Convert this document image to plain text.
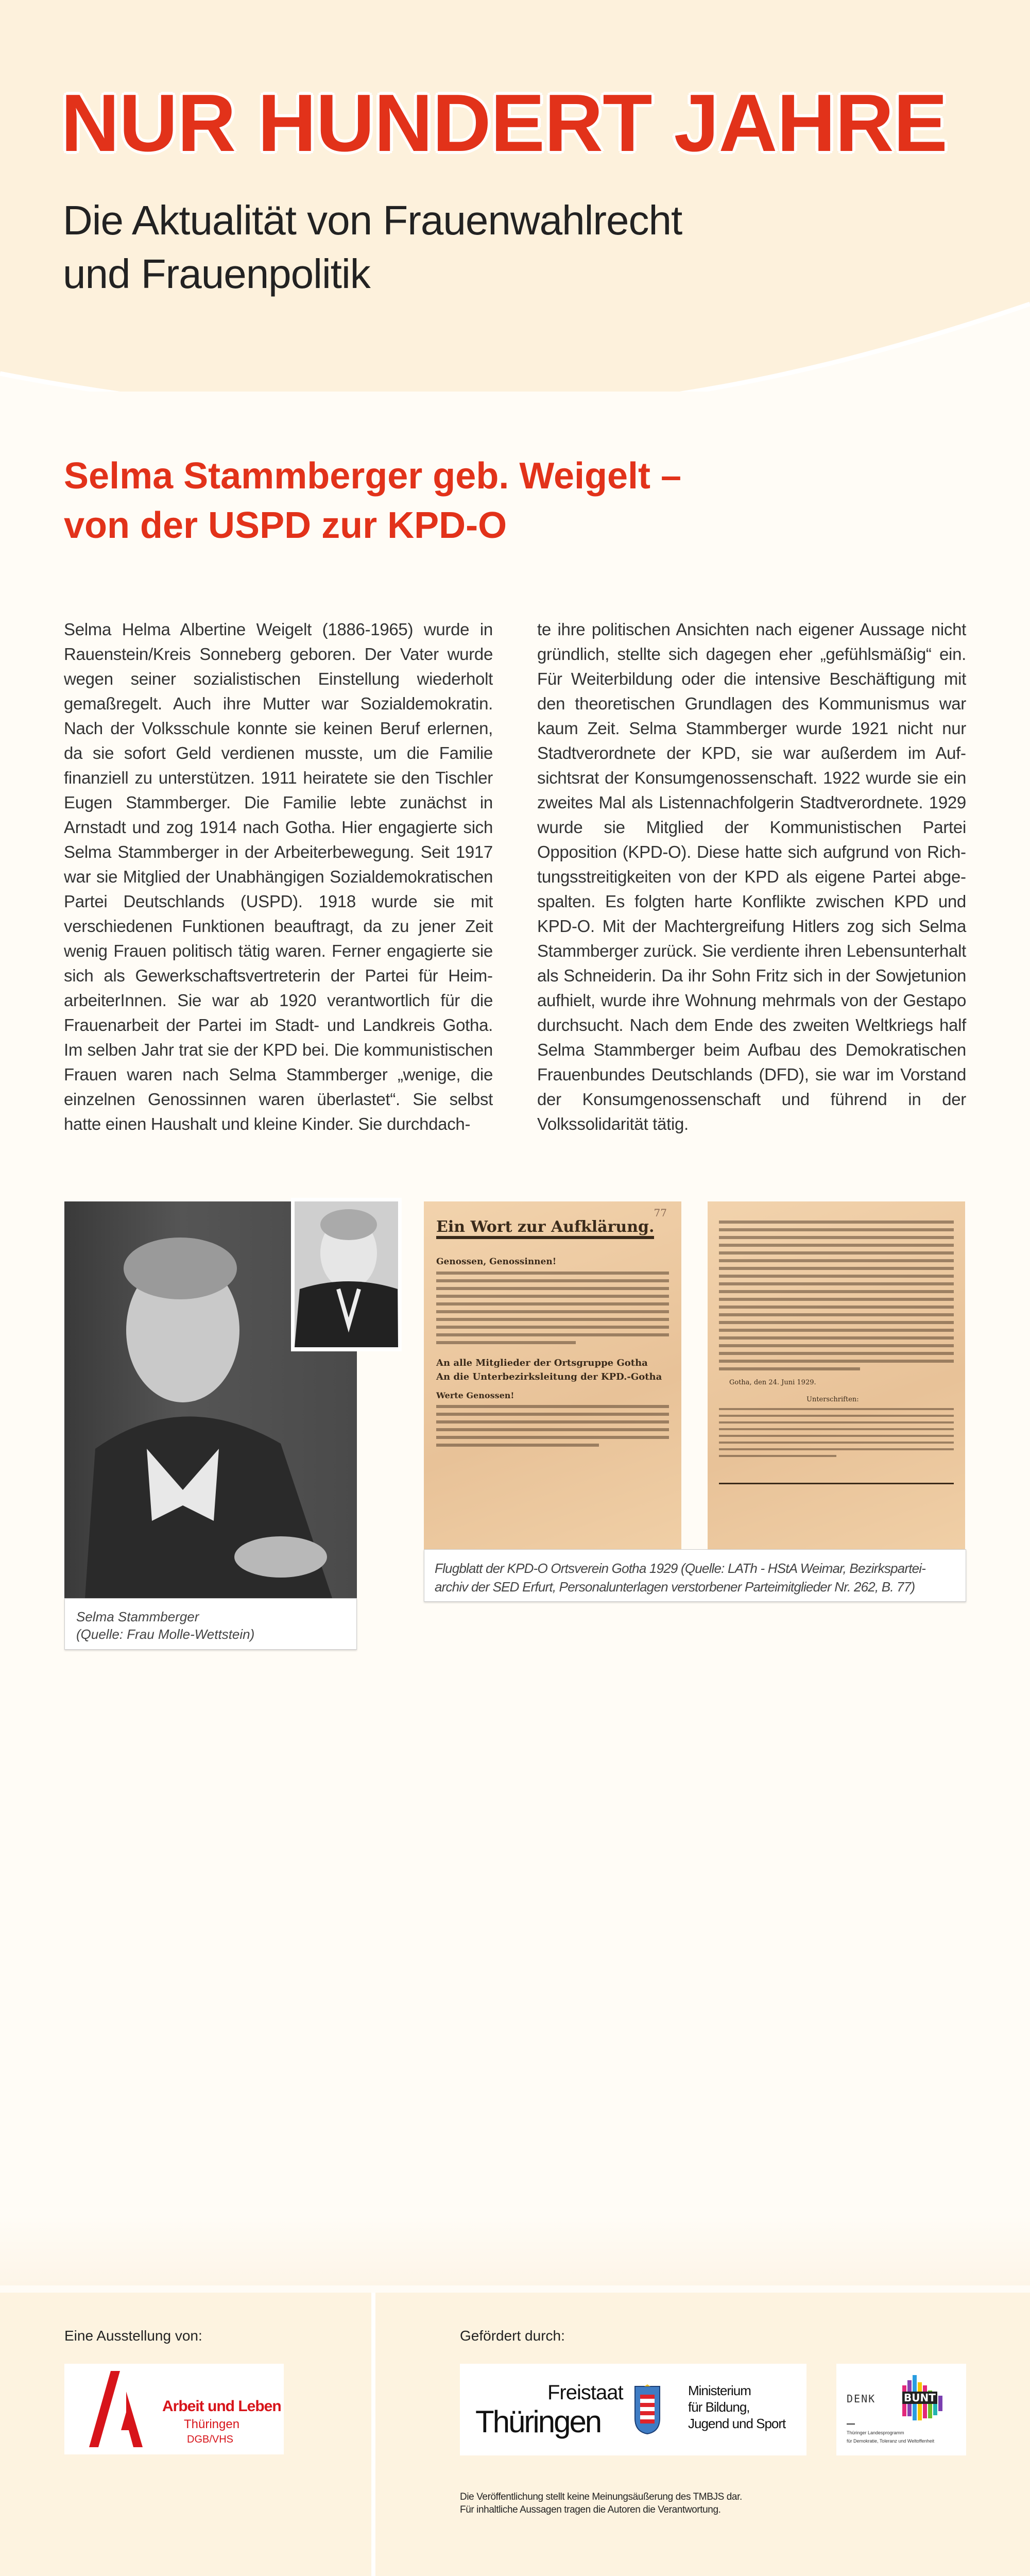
NUR HUNDERT JAHRE
Die Aktualität von Frauenwahlrecht
und Frauenpolitik
Selma Stammberger geb. Weigelt –
von der USPD zur KPD-O
Selma Helma Albertine Weigelt (1886-1965) wurde in Rauenstein/Kreis Sonneberg geboren. Der Vater wurde wegen seiner sozialistischen Einstellung wiederholt gemaßregelt. Auch ihre Mutter war Sozialdemokratin. Nach der Volksschule konnte sie keinen Beruf erlernen, da sie sofort Geld verdienen musste, um die Familie finanziell zu unterstützen. 1911 heiratete sie den Tischler Eugen Stammberger. Die Familie lebte zunächst in Arnstadt und zog 1914 nach Gotha. Hier engagierte sich Selma Stammberger in der Arbeiterbewegung. Seit 1917 war sie Mitglied der Unabhängigen Sozialdemokratischen Partei Deutschlands (USPD). 1918 wurde sie mit verschiedenen Funktionen beauftragt, da zu jener Zeit wenig Frauen politisch tätig waren. Ferner engagierte sie sich als Gewerkschaftsvertreterin der Partei für HeimarbeiterInnen. Sie war ab 1920 verantwortlich für die Frauenarbeit der Partei im Stadt- und Landkreis Gotha. Im selben Jahr trat sie der KPD bei. Die kommunistischen Frauen waren nach Selma Stammberger „wenige, die einzelnen Genossinnen waren überlastet“. Sie selbst hatte einen Haushalt und kleine Kinder. Sie durchdach-
te ihre politischen Ansichten nach eigener Aussage nicht gründlich, stellte sich dagegen eher „gefühlsmäßig“ ein. Für Weiterbildung oder die intensive Beschäftigung mit den theoretischen Grundlagen des Kommunismus war kaum Zeit. Selma Stammberger wurde 1921 nicht nur Stadtverordnete der KPD, sie war außerdem im Aufsichtsrat der Konsumgenossenschaft. 1922 wurde sie ein zweites Mal als Listennachfolgerin Stadtverordnete. 1929 wurde sie Mitglied der Kommunistischen Partei Opposition (KPD-O). Diese hatte sich aufgrund von Richtungsstreitigkeiten von der KPD als eigene Partei abgespalten. Es folgten harte Konflikte zwischen KPD und KPD-O. Mit der Machtergreifung Hitlers zog sich Selma Stammberger zurück. Sie verdiente ihren Lebensunterhalt als Schneiderin. Da ihr Sohn Fritz sich in der Sowjetunion aufhielt, wurde ihre Wohnung mehrmals von der Gestapo durchsucht. Nach dem Ende des zweiten Weltkriegs half Selma Stammberger beim Aufbau des Demokratischen Frauenbundes Deutschlands (DFD), sie war im Vorstand der Konsumgenossenschaft und führend in der Volkssolidarität tätig.
Selma Stammberger
(Quelle: Frau Molle-Wettstein)
77
Ein Wort zur Aufklärung.
Genossen, Genossinnen!
An alle Mitglieder der Ortsgruppe Gotha
An die Unterbezirksleitung der KPD.-Gotha
Werte Genossen!
Gotha, den 24. Juni 1929.
Unterschriften:
Flugblatt der KPD-O Ortsverein Gotha 1929 (Quelle: LATh - HStA Weimar, Bezirkspartei-
archiv der SED Erfurt, Personalunterlagen verstorbener Parteimitglieder Nr. 262, B. 77)
Eine Ausstellung von:	Gefördert durch:
Arbeit und Leben
Thüringen
DGB/VHS
Freistaat
Thüringen
Ministerium
für Bildung,
Jugend und Sport
DENK	BUNT
Thüringer Landesprogramm
für Demokratie, Toleranz und Weltoffenheit
Die Veröffentlichung stellt keine Meinungsäußerung des TMBJS dar.
Für inhaltliche Aussagen tragen die Autoren die Verantwortung.
